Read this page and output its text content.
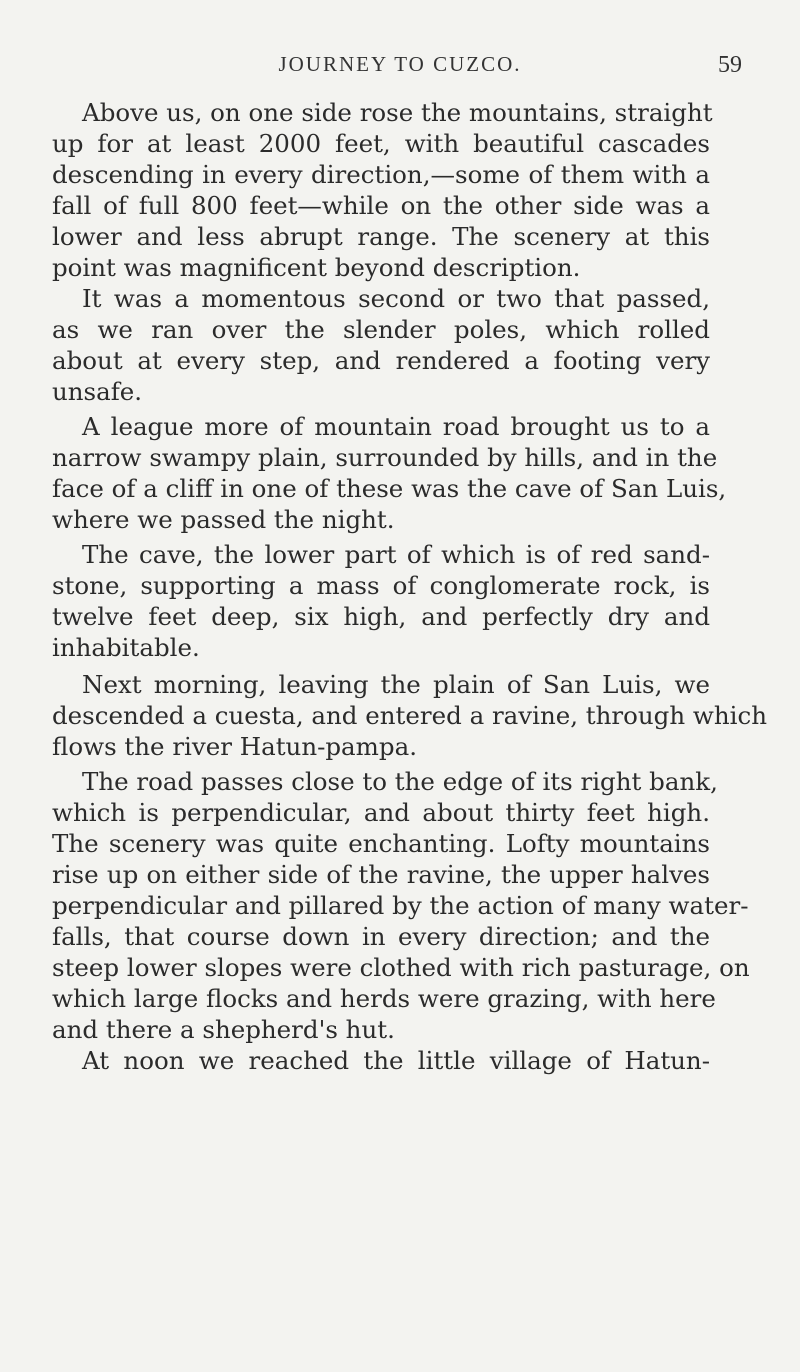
JOURNEY TO CUZCO.	59
Above us, on one side rose the mountains, straight
up for at least 2000 feet, with beautiful cascades
descending in every direction,—some of them with a
fall of full 800 feet—while on the other side was a
lower and less abrupt range. The scenery at this
point was magnificent beyond description.
It was a momentous second or two that passed,
as we ran over the slender poles, which rolled
about at every step, and rendered a footing very
unsafe.
A league more of mountain road brought us to a
narrow swampy plain, surrounded by hills, and in the
face of a cliff in one of these was the cave of San Luis,
where we passed the night.
The cave, the lower part of which is of red sand-
stone, supporting a mass of conglomerate rock, is
twelve feet deep, six high, and perfectly dry and
inhabitable.
Next morning, leaving the plain of San Luis, we
descended a cuesta, and entered a ravine, through which
flows the river Hatun-pampa.
The road passes close to the edge of its right bank,
which is perpendicular, and about thirty feet high.
The scenery was quite enchanting. Lofty mountains
rise up on either side of the ravine, the upper halves
perpendicular and pillared by the action of many water-
falls, that course down in every direction; and the
steep lower slopes were clothed with rich pasturage, on
which large flocks and herds were grazing, with here
and there a shepherd's hut.
At noon we reached the little village of Hatun-
